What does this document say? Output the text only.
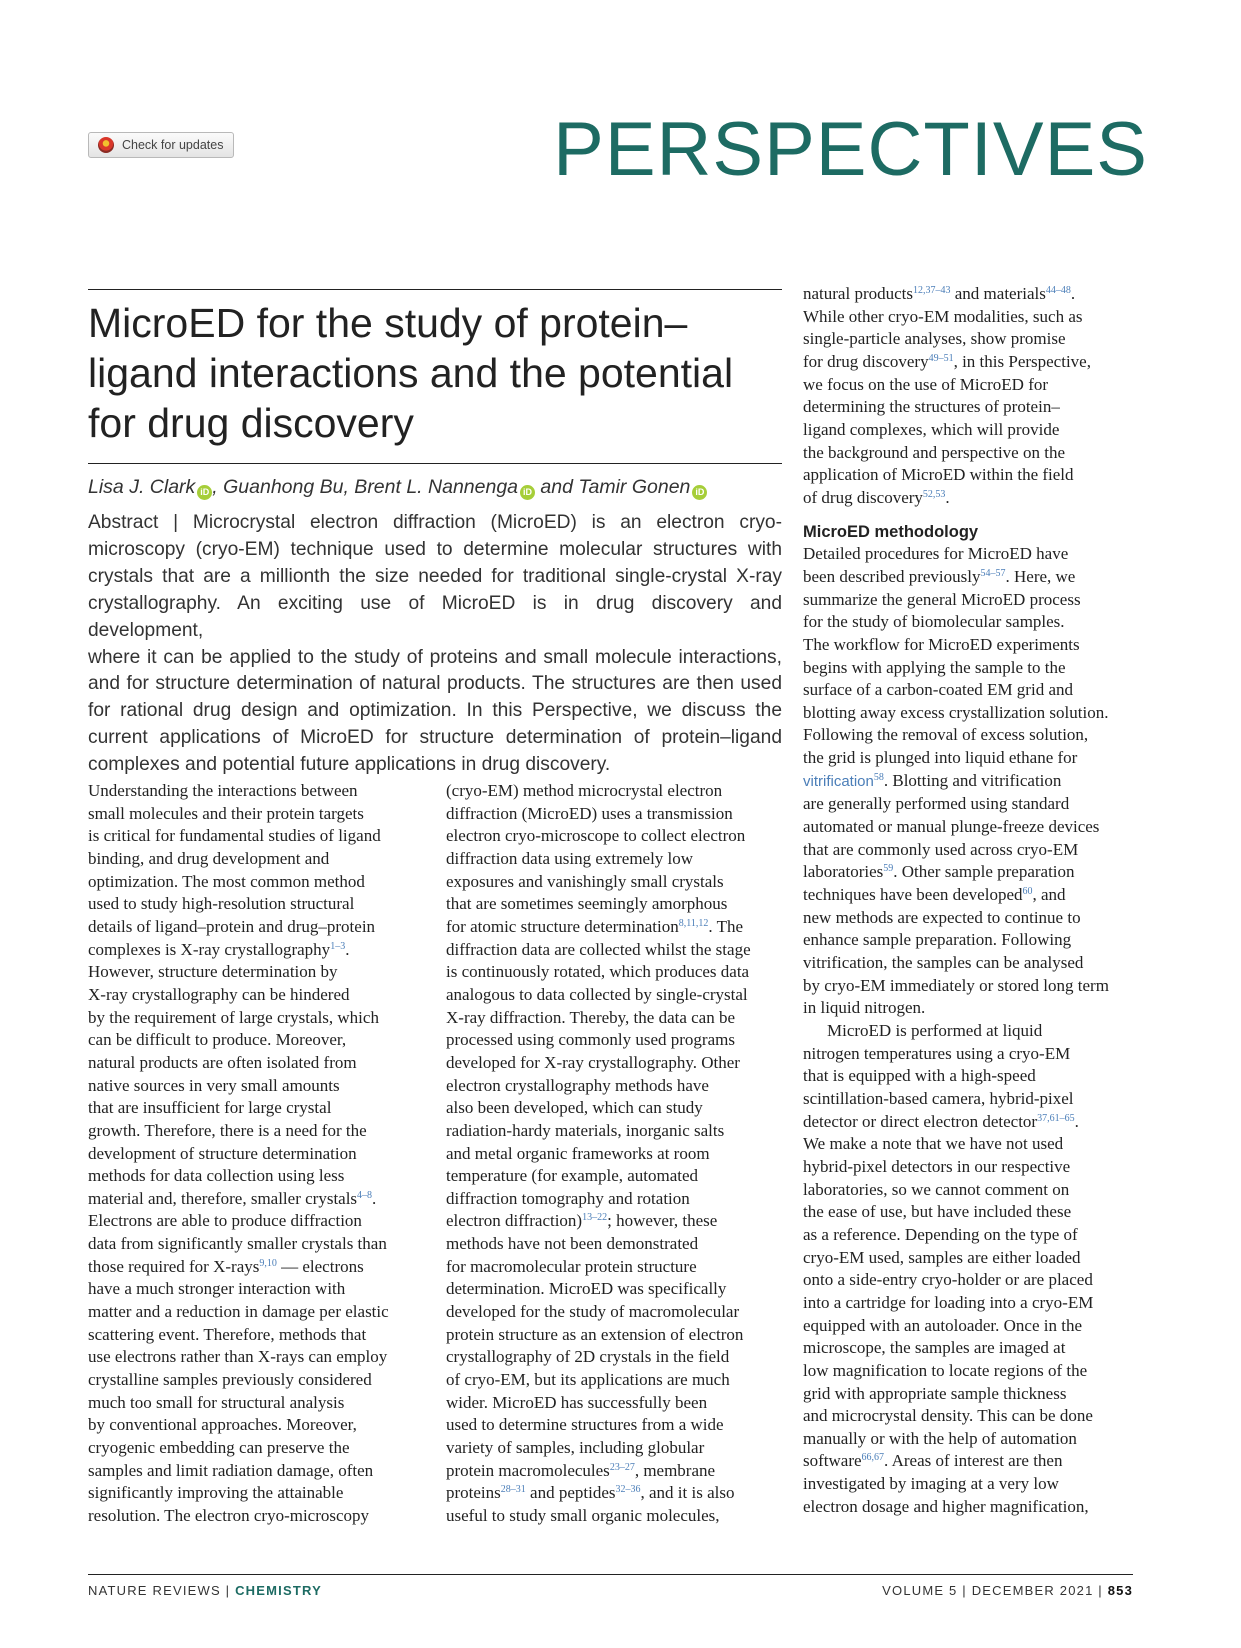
Check for updates	PERSPECTIVES
MicroED for the study of protein–
ligand interactions and the potential
for drug discovery
Lisa J. Clark iD , Guanhong Bu, Brent L. Nannenga iD and Tamir Gonen iD

Abstract | Microcrystal electron diffraction (MicroED) is an electron cryo-
microscopy (cryo-EM) technique used to determine molecular structures with
crystals that are a millionth the size needed for traditional single-crystal X-ray
crystallography. An exciting use of MicroED is in drug discovery and development,
where it can be applied to the study of proteins and small molecule interactions,
and for structure determination of natural products. The structures are then used
for rational drug design and optimization. In this Perspective, we discuss the
current applications of MicroED for structure determination of protein–ligand
complexes and potential future applications in drug discovery.

Understanding the interactions between
small molecules and their protein targets
is critical for fundamental studies of ligand
binding, and drug development and
optimization. The most common method
used to study high-resolution structural
details of ligand–protein and drug–protein
complexes is X-ray crystallography$^{1-3}$.
However, structure determination by
X-ray crystallography can be hindered
by the requirement of large crystals, which
can be difficult to produce. Moreover,
natural products are often isolated from
native sources in very small amounts
that are insufficient for large crystal
growth. Therefore, there is a need for the
development of structure determination
methods for data collection using less
material and, therefore, smaller crystals$^{4-8}$.
Electrons are able to produce diffraction
data from significantly smaller crystals than
those required for X-rays$^{9,10}$ — electrons
have a much stronger interaction with
matter and a reduction in damage per elastic
scattering event. Therefore, methods that
use electrons rather than X-rays can employ
crystalline samples previously considered
much too small for structural analysis
by conventional approaches. Moreover,
cryogenic embedding can preserve the
samples and limit radiation damage, often
significantly improving the attainable
resolution. The electron cryo-microscopy

(cryo-EM) method microcrystal electron
diffraction (MicroED) uses a transmission
electron cryo-microscope to collect electron
diffraction data using extremely low
exposures and vanishingly small crystals
that are sometimes seemingly amorphous
for atomic structure determination$^{8,11,12}$. The
diffraction data are collected whilst the stage
is continuously rotated, which produces data
analogous to data collected by single-crystal
X-ray diffraction. Thereby, the data can be
processed using commonly used programs
developed for X-ray crystallography. Other
electron crystallography methods have
also been developed, which can study
radiation-hardy materials, inorganic salts
and metal organic frameworks at room
temperature (for example, automated
diffraction tomography and rotation
electron diffraction)$^{13-22}$; however, these
methods have not been demonstrated
for macromolecular protein structure
determination. MicroED was specifically
developed for the study of macromolecular
protein structure as an extension of electron
crystallography of 2D crystals in the field
of cryo-EM, but its applications are much
wider. MicroED has successfully been
used to determine structures from a wide
variety of samples, including globular
protein macromolecules$^{23-27}$, membrane
proteins$^{28-31}$ and peptides$^{32-36}$, and it is also
useful to study small organic molecules,

natural products$^{12,37-43}$ and materials$^{44-48}$.
While other cryo-EM modalities, such as
single-particle analyses, show promise
for drug discovery$^{49-51}$, in this Perspective,
we focus on the use of MicroED for
determining the structures of protein–
ligand complexes, which will provide
the background and perspective on the
application of MicroED within the field
of drug discovery$^{52,53}$.

MicroED methodology

Detailed procedures for MicroED have
been described previously$^{54-57}$. Here, we
summarize the general MicroED process
for the study of biomolecular samples.
The workflow for MicroED experiments
begins with applying the sample to the
surface of a carbon-coated EM grid and
blotting away excess crystallization solution.
Following the removal of excess solution,
the grid is plunged into liquid ethane for
vitrification$^{58}$. Blotting and vitrification
are generally performed using standard
automated or manual plunge-freeze devices
that are commonly used across cryo-EM
laboratories$^{59}$. Other sample preparation
techniques have been developed$^{60}$, and
new methods are expected to continue to
enhance sample preparation. Following
vitrification, the samples can be analysed
by cryo-EM immediately or stored long term
in liquid nitrogen.

MicroED is performed at liquid
nitrogen temperatures using a cryo-EM
that is equipped with a high-speed
scintillation-based camera, hybrid-pixel
detector or direct electron detector$^{37,61-65}$.
We make a note that we have not used
hybrid-pixel detectors in our respective
laboratories, so we cannot comment on
the ease of use, but have included these
as a reference. Depending on the type of
cryo-EM used, samples are either loaded
onto a side-entry cryo-holder or are placed
into a cartridge for loading into a cryo-EM
equipped with an autoloader. Once in the
microscope, the samples are imaged at
low magnification to locate regions of the
grid with appropriate sample thickness
and microcrystal density. This can be done
manually or with the help of automation
software$^{66,67}$. Areas of interest are then
investigated by imaging at a very low
electron dosage and higher magnification,

NATURE REVIEWS | CHEMISTRY	VOLUME 5 | DECEMBER 2021 | 853
